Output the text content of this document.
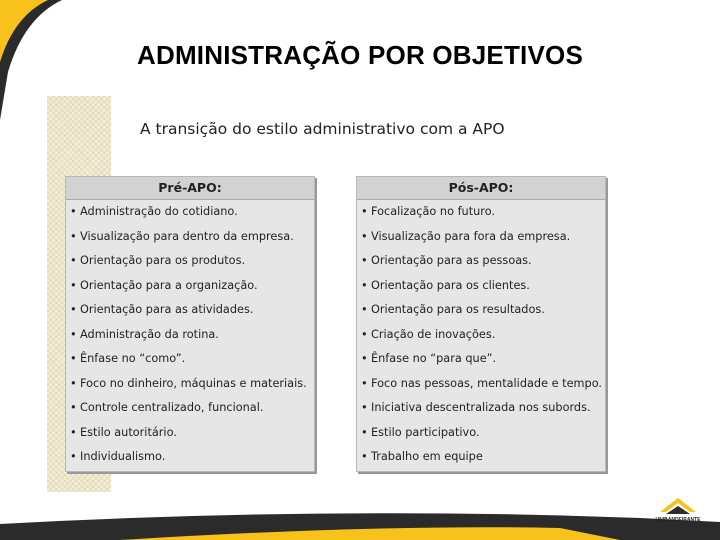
ADMINISTRAÇÃO POR OBJETIVOS
A transição do estilo administrativo com a APO
Pré-APO:
• Administração do cotidiano.
• Visualização para dentro da empresa.
• Orientação para os produtos.
• Orientação para a organização.
• Orientação para as atividades.
• Administração da rotina.
• Ênfase no “como”.
• Foco no dinheiro, máquinas e materiais.
• Controle centralizado, funcional.
• Estilo autoritário.
• Individualismo.
Pós-APO:
• Focalização no futuro.
• Visualização para fora da empresa.
• Orientação para as pessoas.
• Orientação para os clientes.
• Orientação para os resultados.
• Criação de inovações.
• Ênfase no “para que”.
• Foco nas pessoas, mentalidade e tempo.
• Iniciativa descentralizada nos subords.
• Estilo participativo.
• Trabalho em equipe
UNIBANDEIRANTE
